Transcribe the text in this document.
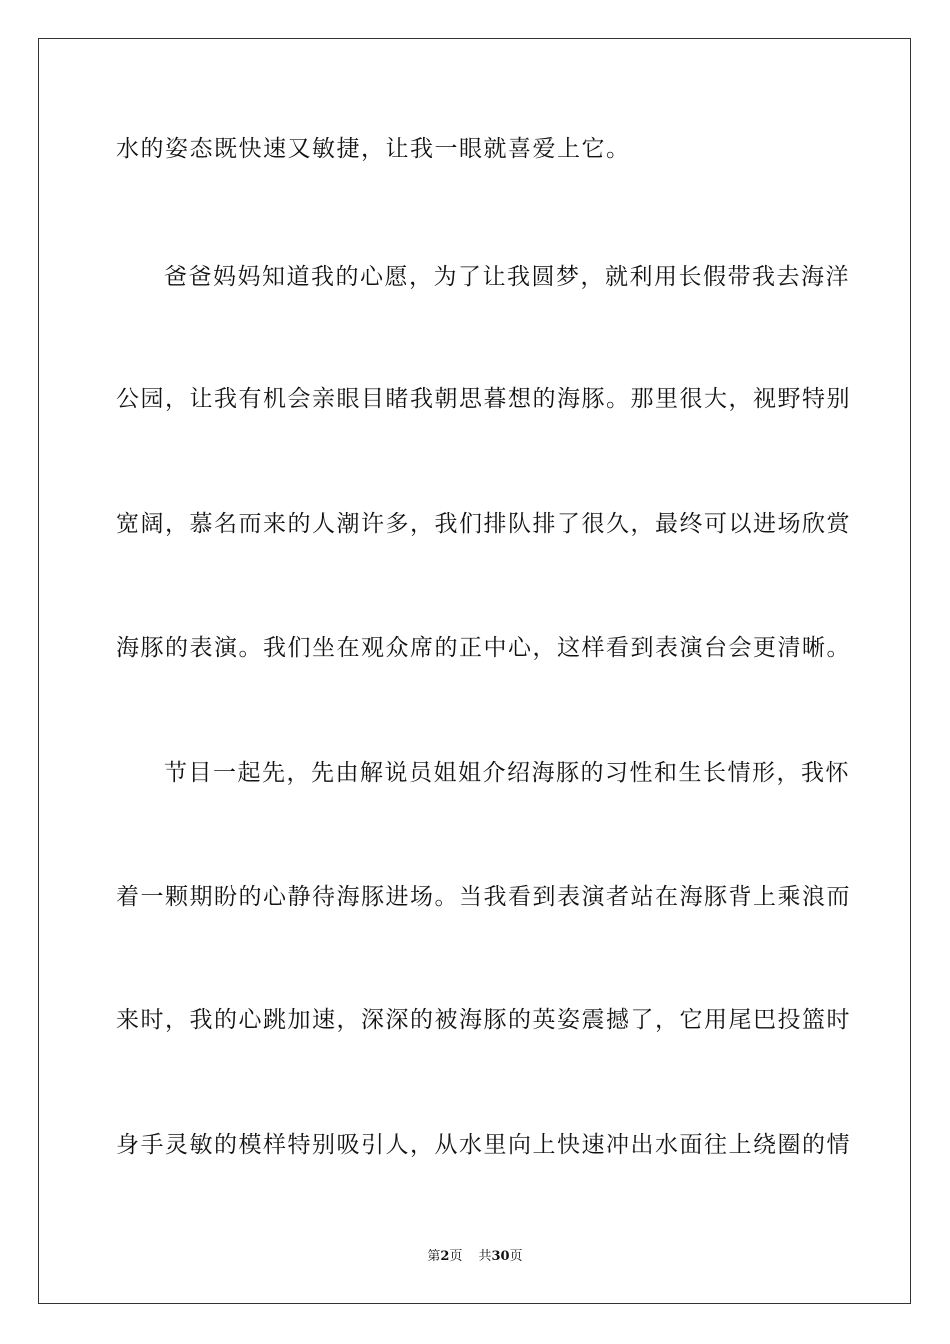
水的姿态既快速又敏捷，让我一眼就喜爱上它。
爸爸妈妈知道我的心愿，为了让我圆梦，就利用长假带我去海洋
公园，让我有机会亲眼目睹我朝思暮想的海豚。那里很大，视野特别
宽阔，慕名而来的人潮许多，我们排队排了很久，最终可以进场欣赏
海豚的表演。我们坐在观众席的正中心，这样看到表演台会更清晰。
节目一起先，先由解说员姐姐介绍海豚的习性和生长情形，我怀
着一颗期盼的心静待海豚进场。当我看到表演者站在海豚背上乘浪而
来时，我的心跳加速，深深的被海豚的英姿震撼了，它用尾巴投篮时
身手灵敏的模样特别吸引人，从水里向上快速冲出水面往上绕圈的情
第2页 共30页
